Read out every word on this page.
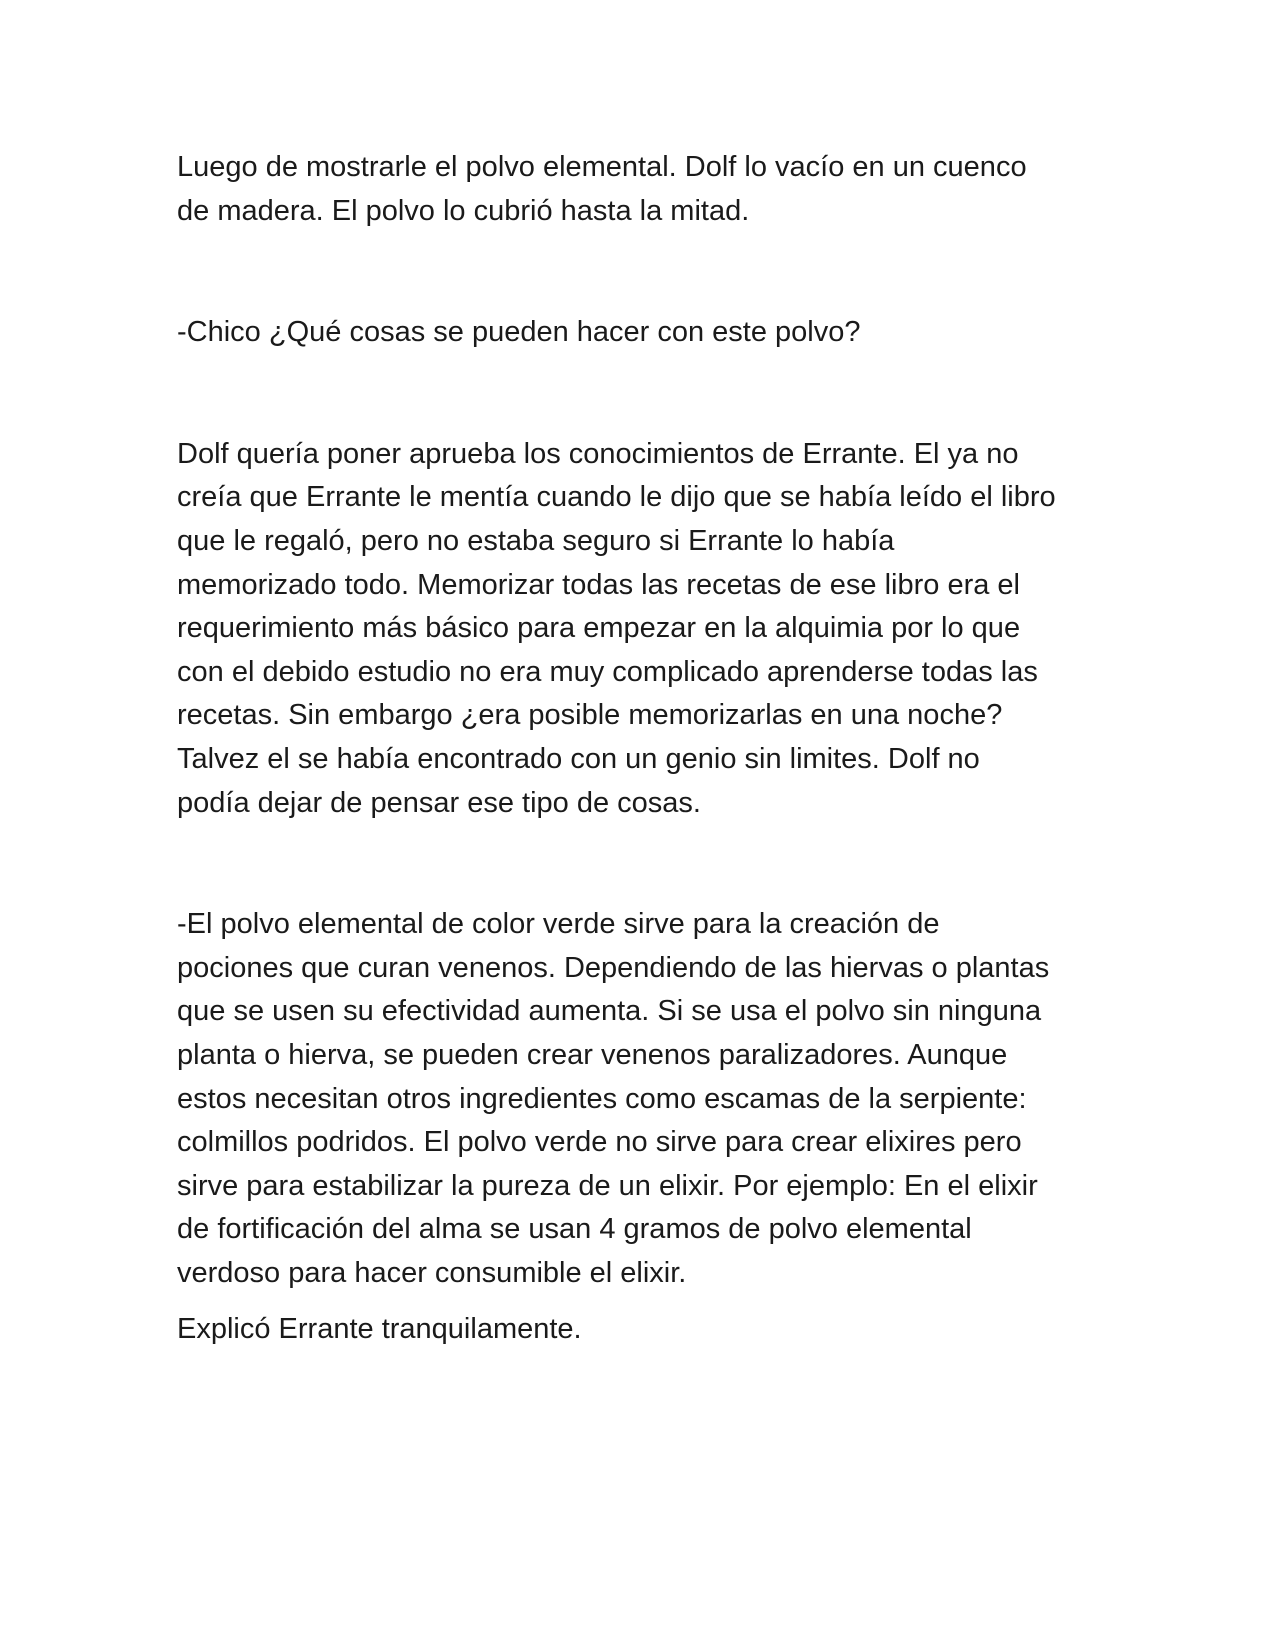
Luego de mostrarle el polvo elemental. Dolf lo vacío en un cuenco
de madera. El polvo lo cubrió hasta la mitad.

-Chico ¿Qué cosas se pueden hacer con este polvo?

Dolf quería poner aprueba los conocimientos de Errante. El ya no
creía que Errante le mentía cuando le dijo que se había leído el libro
que le regaló, pero no estaba seguro si Errante lo había
memorizado todo. Memorizar todas las recetas de ese libro era el
requerimiento más básico para empezar en la alquimia por lo que
con el debido estudio no era muy complicado aprenderse todas las
recetas. Sin embargo ¿era posible memorizarlas en una noche?
Talvez el se había encontrado con un genio sin limites. Dolf no
podía dejar de pensar ese tipo de cosas.

-El polvo elemental de color verde sirve para la creación de
pociones que curan venenos. Dependiendo de las hiervas o plantas
que se usen su efectividad aumenta. Si se usa el polvo sin ninguna
planta o hierva, se pueden crear venenos paralizadores. Aunque
estos necesitan otros ingredientes como escamas de la serpiente:
colmillos podridos. El polvo verde no sirve para crear elixires pero
sirve para estabilizar la pureza de un elixir. Por ejemplo: En el elixir
de fortificación del alma se usan 4 gramos de polvo elemental
verdoso para hacer consumible el elixir.

Explicó Errante tranquilamente.
